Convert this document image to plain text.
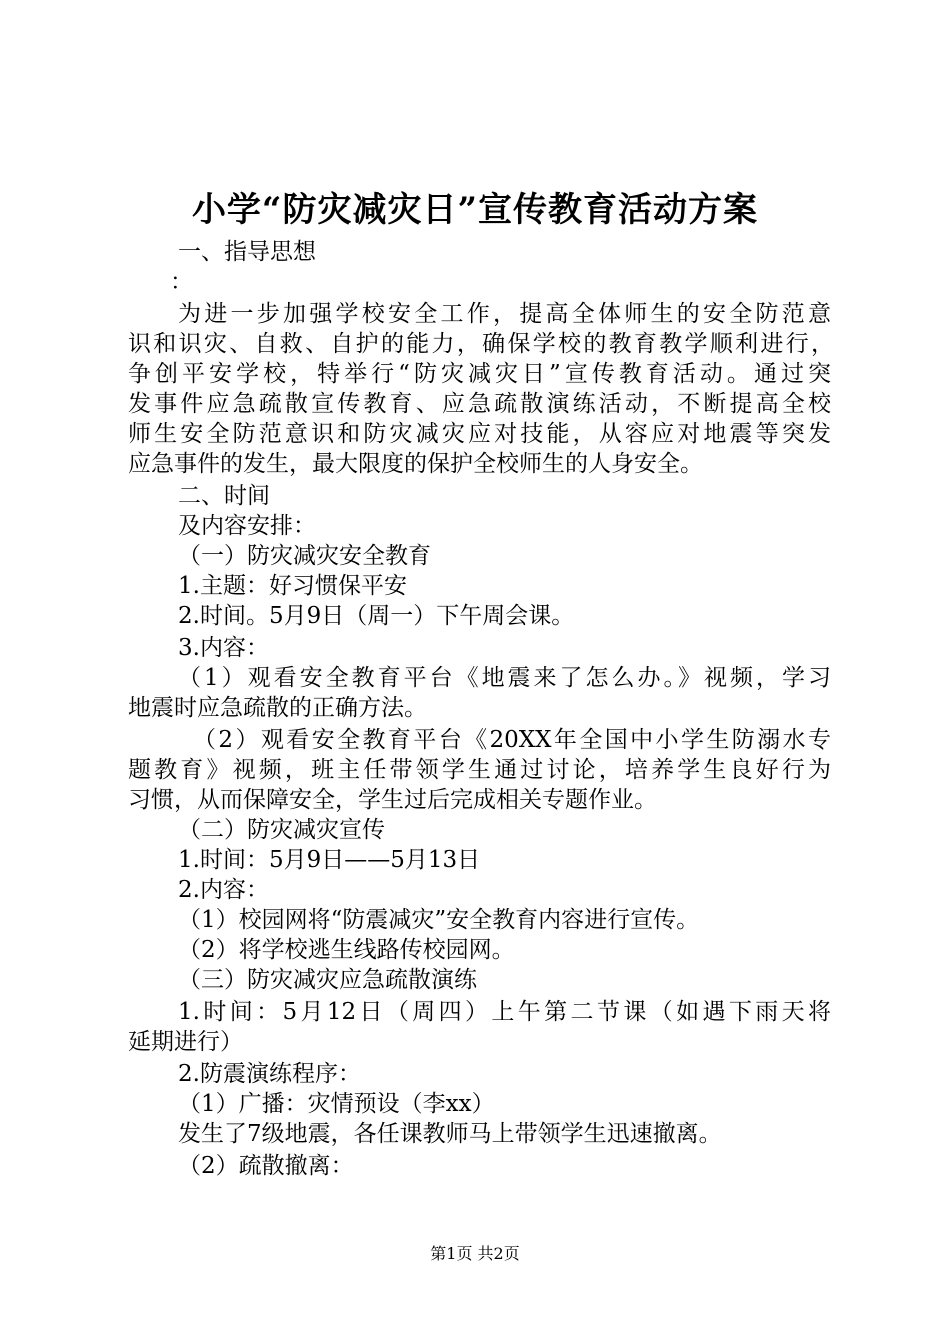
小学“防灾减灾日”宣传教育活动方案
一、指导思想
：
为进一步加强学校安全工作，提高全体师生的安全防范意
识和识灾、自救、自护的能力，确保学校的教育教学顺利进行，
争创平安学校，特举行“防灾减灾日”宣传教育活动。通过突
发事件应急疏散宣传教育、应急疏散演练活动，不断提高全校
师生安全防范意识和防灾减灾应对技能，从容应对地震等突发
应急事件的发生，最大限度的保护全校师生的人身安全。
二、时间
及内容安排：
（一）防灾减灾安全教育
1.主题：好习惯保平安
2.时间。5月9日（周一）下午周会课。
3.内容：
（1）观看安全教育平台《地震来了怎么办。》视频，学习
地震时应急疏散的正确方法。
（2）观看安全教育平台《20XX年全国中小学生防溺水专
题教育》视频，班主任带领学生通过讨论，培养学生良好行为
习惯，从而保障安全，学生过后完成相关专题作业。
（二）防灾减灾宣传
1.时间：5月9日——5月13日
2.内容：
（1）校园网将“防震减灾”安全教育内容进行宣传。
（2）将学校逃生线路传校园网。
（三）防灾减灾应急疏散演练
1.时间：5月12日（周四）上午第二节课（如遇下雨天将
延期进行）
2.防震演练程序：
（1）广播：灾情预设（李xx）
发生了7级地震，各任课教师马上带领学生迅速撤离。
（2）疏散撤离：
第1页 共2页
